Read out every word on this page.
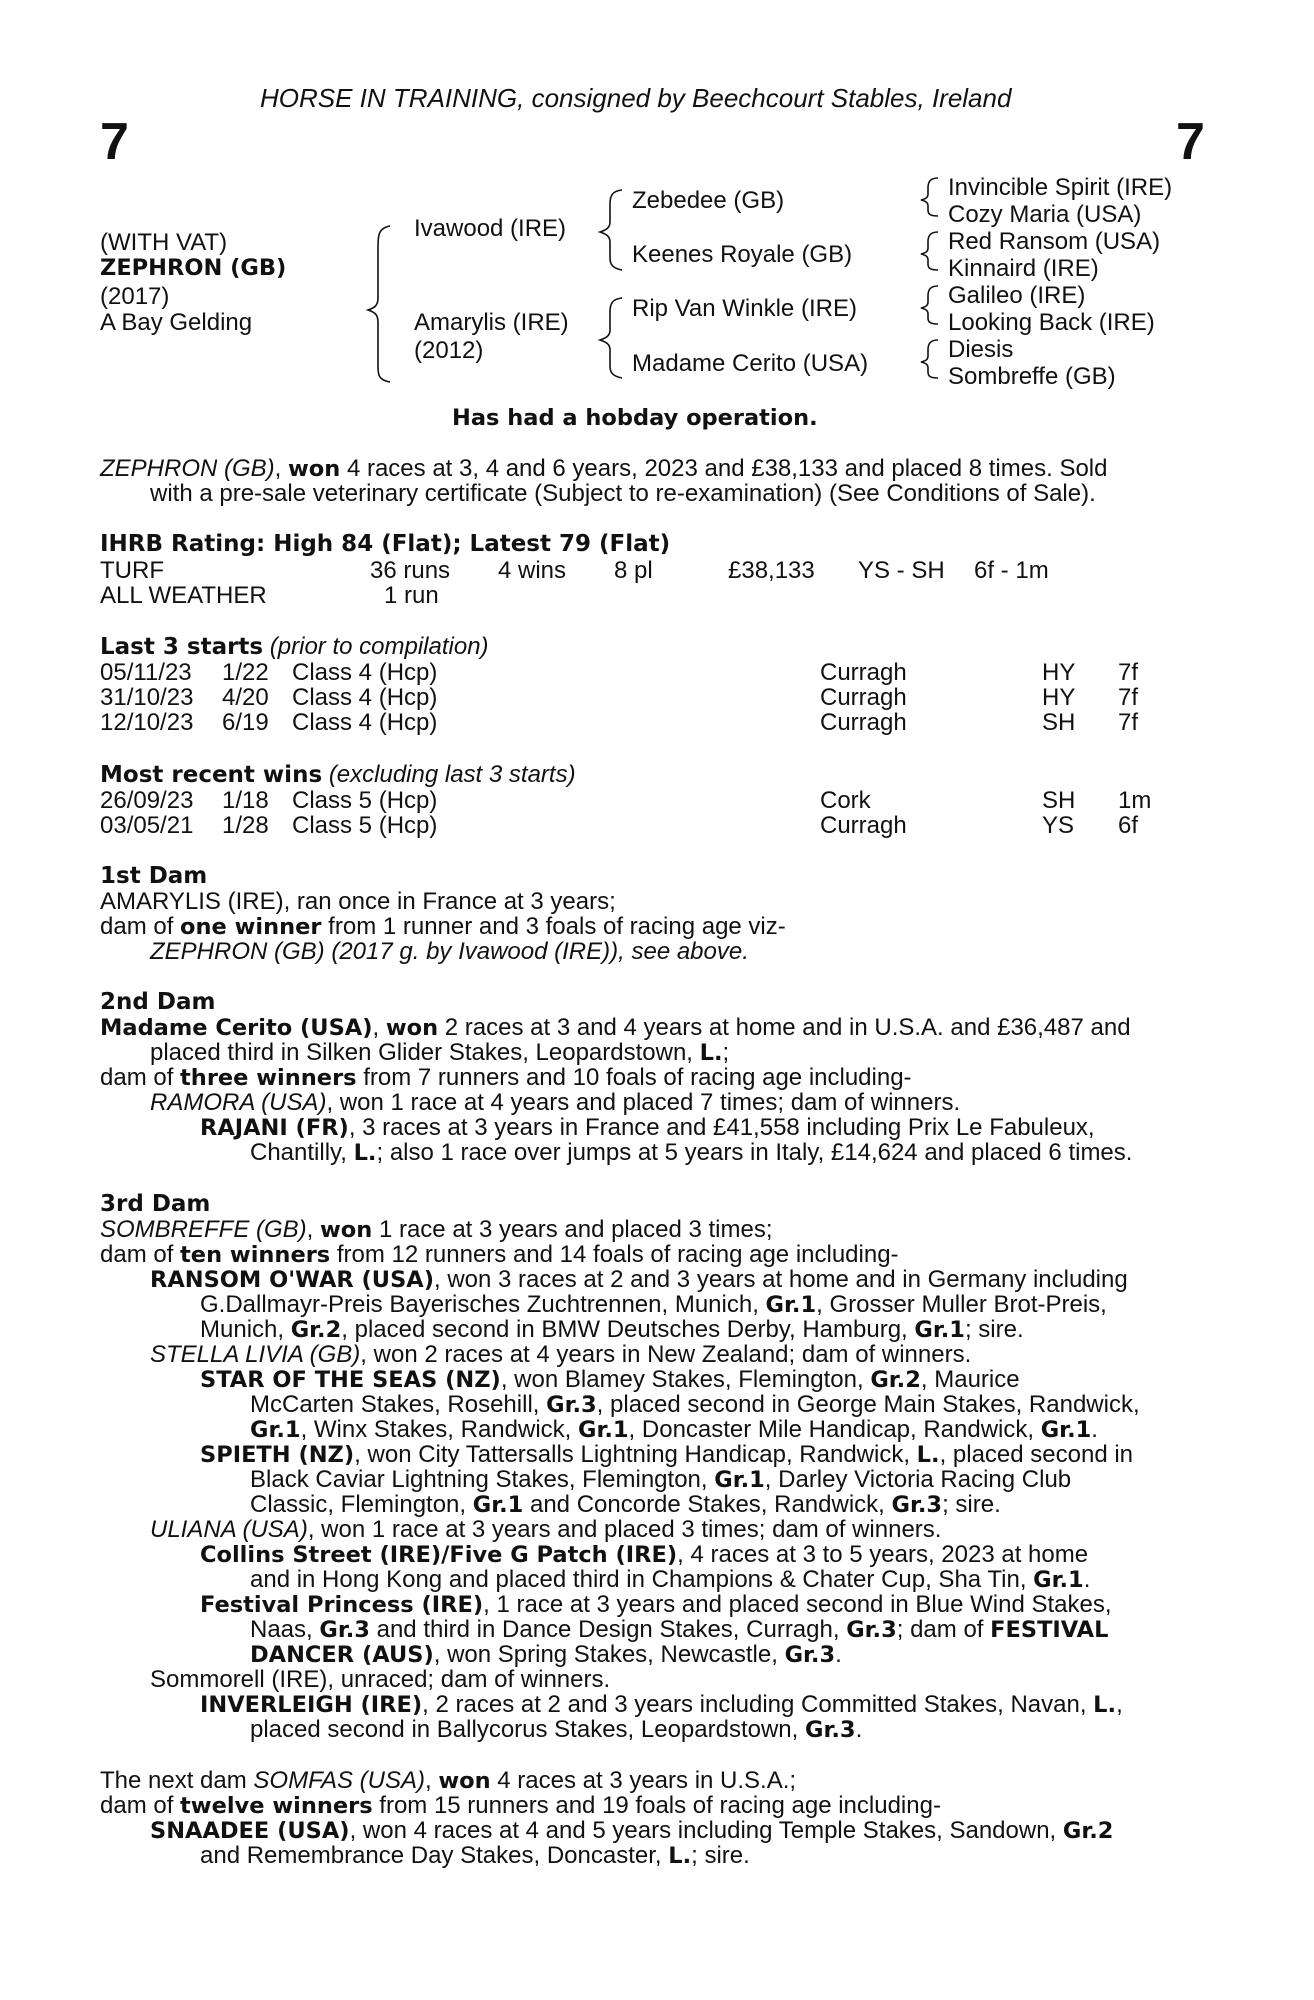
HORSE IN TRAINING, consigned by Beechcourt Stables, Ireland
7	7
(WITH VAT)
ZEPHRON (GB)
(2017)
A Bay Gelding
Ivawood (IRE)
Amarylis (IRE)
(2012)
Zebedee (GB)
Keenes Royale (GB)
Rip Van Winkle (IRE)
Madame Cerito (USA)
Invincible Spirit (IRE)
Cozy Maria (USA)
Red Ransom (USA)
Kinnaird (IRE)
Galileo (IRE)
Looking Back (IRE)
Diesis
Sombreffe (GB)
Has had a hobday operation.
ZEPHRON (GB), won 4 races at 3, 4 and 6 years, 2023 and £38,133 and placed 8 times. Sold
with a pre-sale veterinary certificate (Subject to re-examination) (See Conditions of Sale).
IHRB Rating: High 84 (Flat); Latest 79 (Flat)
TURF	36 runs 4 wins 8 pl	£38,133 YS - SH 6f - 1m
ALL WEATHER	1 run
Last 3 starts (prior to compilation)
05/11/23 1/22 Class 4 (Hcp)	Curragh	HY 7f
31/10/23 4/20 Class 4 (Hcp)	Curragh	HY 7f
12/10/23 6/19 Class 4 (Hcp)	Curragh	SH 7f
Most recent wins (excluding last 3 starts)
26/09/23 1/18 Class 5 (Hcp)	Cork	SH 1m
03/05/21 1/28 Class 5 (Hcp)	Curragh	YS 6f
1st Dam
AMARYLIS (IRE), ran once in France at 3 years;
dam of one winner from 1 runner and 3 foals of racing age viz-
ZEPHRON (GB) (2017 g. by Ivawood (IRE)), see above.
2nd Dam
Madame Cerito (USA), won 2 races at 3 and 4 years at home and in U.S.A. and £36,487 and
placed third in Silken Glider Stakes, Leopardstown, L.;
dam of three winners from 7 runners and 10 foals of racing age including-
RAMORA (USA), won 1 race at 4 years and placed 7 times; dam of winners.
RAJANI (FR), 3 races at 3 years in France and £41,558 including Prix Le Fabuleux,
Chantilly, L.; also 1 race over jumps at 5 years in Italy, £14,624 and placed 6 times.
3rd Dam
SOMBREFFE (GB), won 1 race at 3 years and placed 3 times;
dam of ten winners from 12 runners and 14 foals of racing age including-
RANSOM O'WAR (USA), won 3 races at 2 and 3 years at home and in Germany including
G.Dallmayr-Preis Bayerisches Zuchtrennen, Munich, Gr.1, Grosser Muller Brot-Preis,
Munich, Gr.2, placed second in BMW Deutsches Derby, Hamburg, Gr.1; sire.
STELLA LIVIA (GB), won 2 races at 4 years in New Zealand; dam of winners.
STAR OF THE SEAS (NZ), won Blamey Stakes, Flemington, Gr.2, Maurice
McCarten Stakes, Rosehill, Gr.3, placed second in George Main Stakes, Randwick,
Gr.1, Winx Stakes, Randwick, Gr.1, Doncaster Mile Handicap, Randwick, Gr.1.
SPIETH (NZ), won City Tattersalls Lightning Handicap, Randwick, L., placed second in
Black Caviar Lightning Stakes, Flemington, Gr.1, Darley Victoria Racing Club
Classic, Flemington, Gr.1 and Concorde Stakes, Randwick, Gr.3; sire.
ULIANA (USA), won 1 race at 3 years and placed 3 times; dam of winners.
Collins Street (IRE)/Five G Patch (IRE), 4 races at 3 to 5 years, 2023 at home
and in Hong Kong and placed third in Champions & Chater Cup, Sha Tin, Gr.1.
Festival Princess (IRE), 1 race at 3 years and placed second in Blue Wind Stakes,
Naas, Gr.3 and third in Dance Design Stakes, Curragh, Gr.3; dam of FESTIVAL
DANCER (AUS), won Spring Stakes, Newcastle, Gr.3.
Sommorell (IRE), unraced; dam of winners.
INVERLEIGH (IRE), 2 races at 2 and 3 years including Committed Stakes, Navan, L.,
placed second in Ballycorus Stakes, Leopardstown, Gr.3.
The next dam SOMFAS (USA), won 4 races at 3 years in U.S.A.;
dam of twelve winners from 15 runners and 19 foals of racing age including-
SNAADEE (USA), won 4 races at 4 and 5 years including Temple Stakes, Sandown, Gr.2
and Remembrance Day Stakes, Doncaster, L.; sire.
